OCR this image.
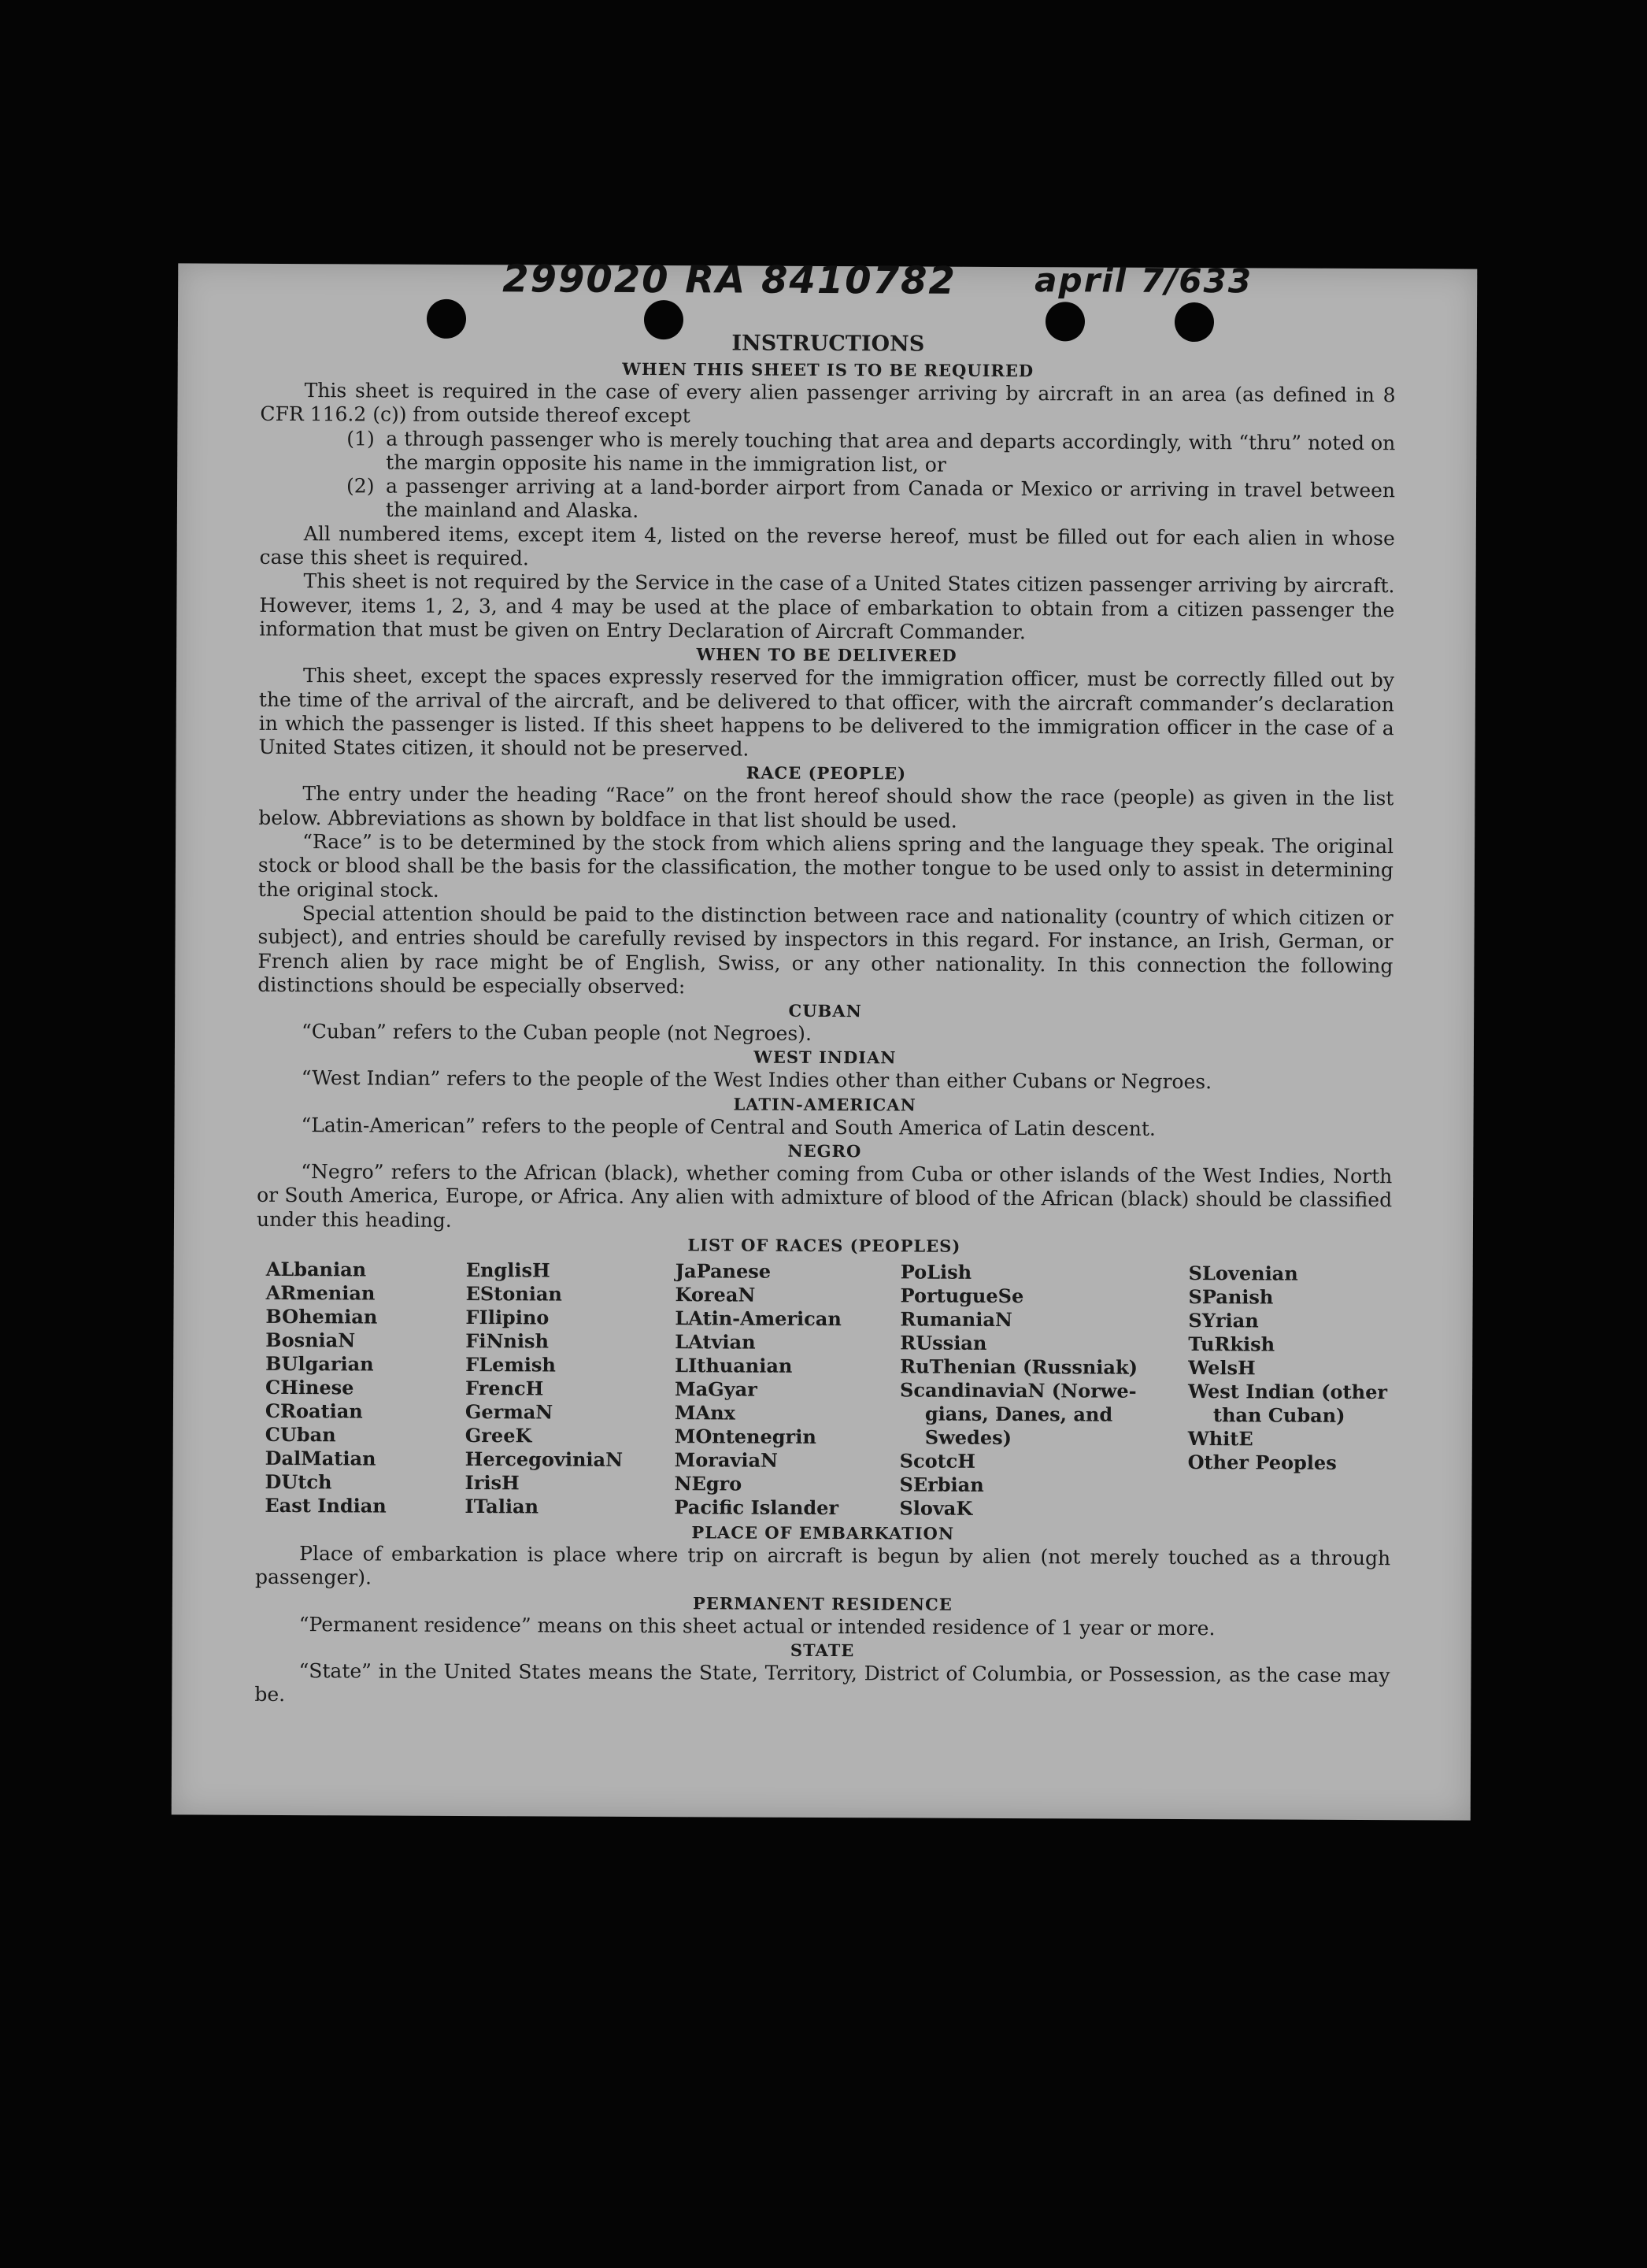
299020 RA 8410782 april 7/633
INSTRUCTIONS
WHEN THIS SHEET IS TO BE REQUIRED

This sheet is required in the case of every alien passenger arriving by aircraft in an area (as defined in 8 CFR 116.2 (c)) from outside thereof except

(1) a through passenger who is merely touching that area and departs accordingly, with “thru” noted on the margin opposite his name in the immigration list, or
(2) a passenger arriving at a land-border airport from Canada or Mexico or arriving in travel between the mainland and Alaska.

All numbered items, except item 4, listed on the reverse hereof, must be filled out for each alien in whose case this sheet is required.

This sheet is not required by the Service in the case of a United States citizen passenger arriving by aircraft. However, items 1, 2, 3, and 4 may be used at the place of embarkation to obtain from a citizen passenger the information that must be given on Entry Declaration of Aircraft Commander.

WHEN TO BE DELIVERED

This sheet, except the spaces expressly reserved for the immigration officer, must be correctly filled out by the time of the arrival of the aircraft, and be delivered to that officer, with the aircraft commander’s declaration in which the passenger is listed. If this sheet happens to be delivered to the immigration officer in the case of a United States citizen, it should not be preserved.

RACE (PEOPLE)

The entry under the heading “Race” on the front hereof should show the race (people) as given in the list below. Abbreviations as shown by boldface in that list should be used.

“Race” is to be determined by the stock from which aliens spring and the language they speak. The original stock or blood shall be the basis for the classification, the mother tongue to be used only to assist in determining the original stock.

Special attention should be paid to the distinction between race and nationality (country of which citizen or subject), and entries should be carefully revised by inspectors in this regard. For instance, an Irish, German, or French alien by race might be of English, Swiss, or any other nationality. In this connection the following distinctions should be especially observed:

CUBAN

“Cuban” refers to the Cuban people (not Negroes).

WEST INDIAN

“West Indian” refers to the people of the West Indies other than either Cubans or Negroes.

LATIN-AMERICAN

“Latin-American” refers to the people of Central and South America of Latin descent.

NEGRO

“Negro” refers to the African (black), whether coming from Cuba or other islands of the West Indies, North or South America, Europe, or Africa. Any alien with admixture of blood of the African (black) should be classified under this heading.

LIST OF RACES (PEOPLES)
ALbanian
ARmenian
BOhemian
BosniaN
BUlgarian
CHinese
CRoatian
CUban
DalMatian
DUtch
East Indian
EnglisH
EStonian
FIlipino
FiNnish
FLemish
FrencH
GermaN
GreeK
HercegoviniaN
IrisH
ITalian
JaPanese
KoreaN
LAtin-American
LAtvian
LIthuanian
MaGyar
MAnx
MOntenegrin
MoraviaN
NEgro
Pacific Islander
PoLish
PortugueSe
RumaniaN
RUssian
RuThenian (Russniak)
ScandinaviaN (Norwe-
gians, Danes, and
Swedes)
ScotcH
SErbian
SlovaK
SLovenian
SPanish
SYrian
TuRkish
WelsH
West Indian (other
than Cuban)
WhitE
Other Peoples
PLACE OF EMBARKATION

Place of embarkation is place where trip on aircraft is begun by alien (not merely touched as a through passenger).

PERMANENT RESIDENCE

“Permanent residence” means on this sheet actual or intended residence of 1 year or more.

STATE

“State” in the United States means the State, Territory, District of Columbia, or Possession, as the case may be.
